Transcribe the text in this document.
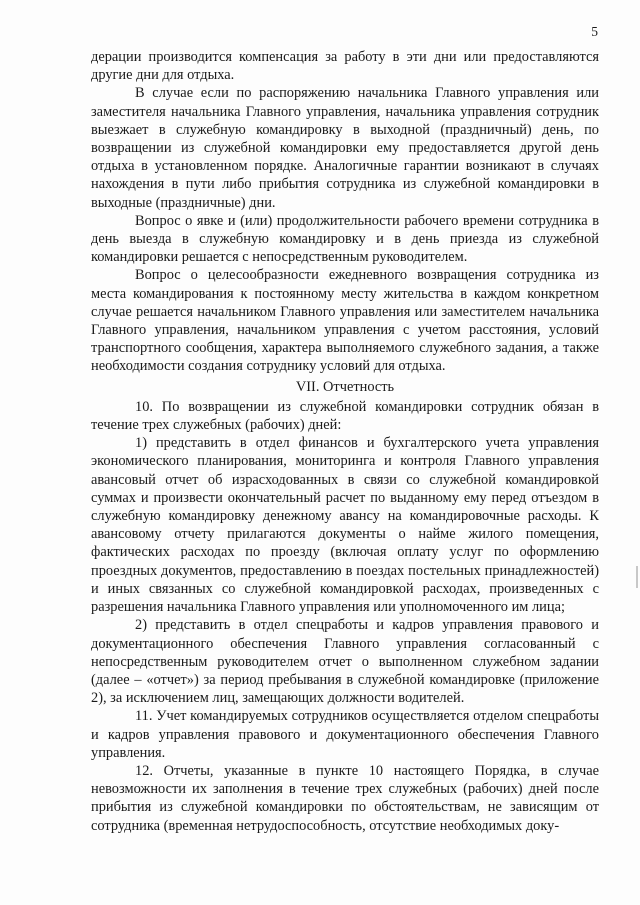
5

дерации производится компенсация за работу в эти дни или предоставляются другие дни для отдыха.

В случае если по распоряжению начальника Главного управления или заместителя начальника Главного управления, начальника управления сотрудник выезжает в служебную командировку в выходной (праздничный) день, по возвращении из служебной командировки ему предоставляется другой день отдыха в установленном порядке. Аналогичные гарантии возникают в случаях нахождения в пути либо прибытия сотрудника из служебной командировки в выходные (праздничные) дни.

Вопрос о явке и (или) продолжительности рабочего времени сотрудника в день выезда в служебную командировку и в день приезда из служебной командировки решается с непосредственным руководителем.

Вопрос о целесообразности ежедневного возвращения сотрудника из места командирования к постоянному месту жительства в каждом конкретном случае решается начальником Главного управления или заместителем начальника Главного управления, начальником управления с учетом расстояния, условий транспортного сообщения, характера выполняемого служебного задания, а также необходимости создания сотруднику условий для отдыха.

VII. Отчетность

10. По возвращении из служебной командировки сотрудник обязан в течение трех служебных (рабочих) дней:

1) представить в отдел финансов и бухгалтерского учета управления экономического планирования, мониторинга и контроля Главного управления авансовый отчет об израсходованных в связи со служебной командировкой суммах и произвести окончательный расчет по выданному ему перед отъездом в служебную командировку денежному авансу на командировочные расходы. К авансовому отчету прилагаются документы о найме жилого помещения, фактических расходах по проезду (включая оплату услуг по оформлению проездных документов, предоставлению в поездах постельных принадлежностей) и иных связанных со служебной командировкой расходах, произведенных с разрешения начальника Главного управления или уполномоченного им лица;

2) представить в отдел спецработы и кадров управления правового и документационного обеспечения Главного управления согласованный с непосредственным руководителем отчет о выполненном служебном задании (далее – «отчет») за период пребывания в служебной командировке (приложение 2), за исключением лиц, замещающих должности водителей.

11. Учет командируемых сотрудников осуществляется отделом спецработы и кадров управления правового и документационного обеспечения Главного управления.

12. Отчеты, указанные в пункте 10 настоящего Порядка, в случае невозможности их заполнения в течение трех служебных (рабочих) дней после прибытия из служебной командировки по обстоятельствам, не зависящим от сотрудника (временная нетрудоспособность, отсутствие необходимых доку-
